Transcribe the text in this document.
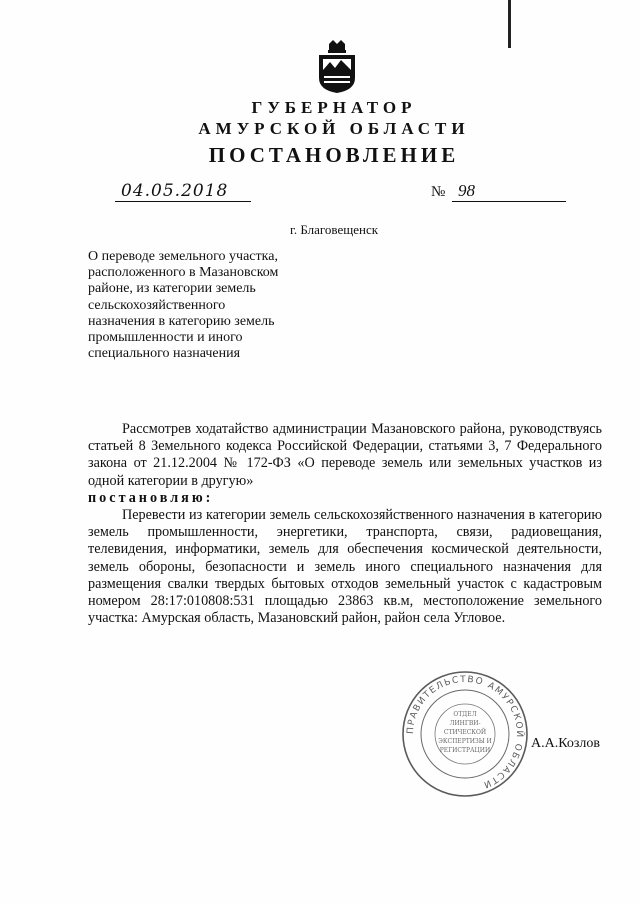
ГУБЕРНАТОР
АМУРСКОЙ ОБЛАСТИ
ПОСТАНОВЛЕНИЕ
04.05.2018	№ 98
г. Благовещенск
О переводе земельного участка,
расположенного в Мазановском
районе, из категории земель
сельскохозяйственного
назначения в категорию земель
промышленности и иного
специального назначения

Рассмотрев ходатайство администрации Мазановского района, руководствуясь статьей 8 Земельного кодекса Российской Федерации, статьями 3, 7 Федерального закона от 21.12.2004 № 172-ФЗ «О переводе земель или земельных участков из одной категории в другую»

постановляю:

Перевести из категории земель сельскохозяйственного назначения в категорию земель промышленности, энергетики, транспорта, связи, радиовещания, телевидения, информатики, земель для обеспечения космической деятельности, земель обороны, безопасности и земель иного специального назначения для размещения свалки твердых бытовых отходов земельный участок с кадастровым номером 28:17:010808:531 площадью 23863 кв.м, местоположение земельного участка: Амурская область, Мазановский район, район села Угловое.

ПРАВИТЕЛЬСТВО АМУРСКОЙ ОБЛАСТИ
ОТДЕЛ
ЛИНГВИ-
СТИЧЕСКОЙ
ЭКСПЕРТИЗЫ И
РЕГИСТРАЦИИ	А.А.Козлов
